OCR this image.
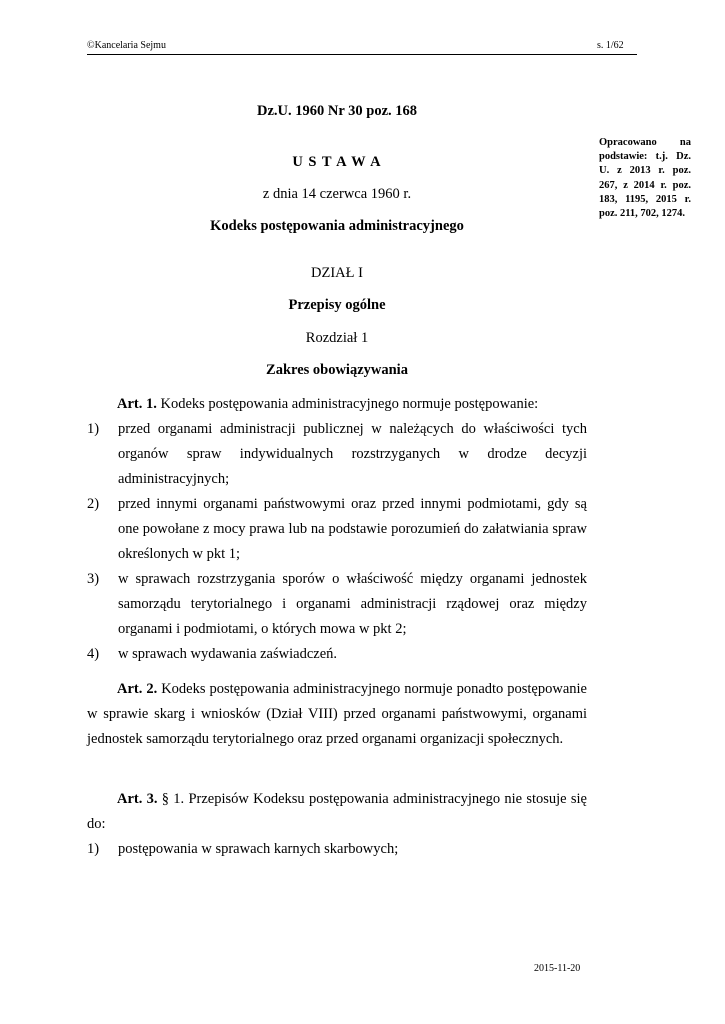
©Kancelaria Sejmu	s. 1/62
Dz.U. 1960 Nr 30 poz. 168
U S T A W A
z dnia 14 czerwca 1960 r.
Kodeks postępowania administracyjnego
Opracowano na podstawie: t.j. Dz. U. z 2013 r. poz. 267, z 2014 r. poz. 183, 1195, 2015 r. poz. 211, 702, 1274.
DZIAŁ I
Przepisy ogólne
Rozdział 1
Zakres obowiązywania
Art. 1. Kodeks postępowania administracyjnego normuje postępowanie:
1) przed organami administracji publicznej w należących do właściwości tych organów spraw indywidualnych rozstrzyganych w drodze decyzji administracyjnych;
2) przed innymi organami państwowymi oraz przed innymi podmiotami, gdy są one powołane z mocy prawa lub na podstawie porozumień do załatwiania spraw określonych w pkt 1;
3) w sprawach rozstrzygania sporów o właściwość między organami jednostek samorządu terytorialnego i organami administracji rządowej oraz między organami i podmiotami, o których mowa w pkt 2;
4) w sprawach wydawania zaświadczeń.
Art. 2. Kodeks postępowania administracyjnego normuje ponadto postępowanie w sprawie skarg i wniosków (Dział VIII) przed organami państwowymi, organami jednostek samorządu terytorialnego oraz przed organami organizacji społecznych.
Art. 3. § 1. Przepisów Kodeksu postępowania administracyjnego nie stosuje się do:
1) postępowania w sprawach karnych skarbowych;
2015-11-20
